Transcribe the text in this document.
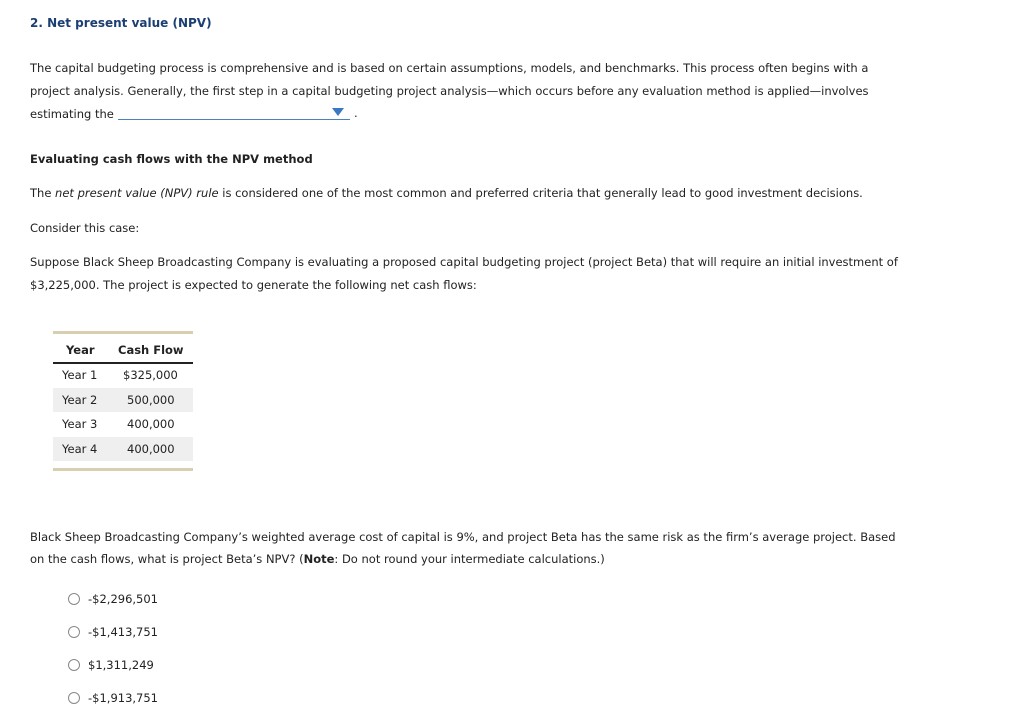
2. Net present value (NPV)
The capital budgeting process is comprehensive and is based on certain assumptions, models, and benchmarks. This process often begins with a
project analysis. Generally, the first step in a capital budgeting project analysis—which occurs before any evaluation method is applied—involves
estimating the	.
Evaluating cash flows with the NPV method
The net present value (NPV) rule is considered one of the most common and preferred criteria that generally lead to good investment decisions.
Consider this case:
Suppose Black Sheep Broadcasting Company is evaluating a proposed capital budgeting project (project Beta) that will require an initial investment of
$3,225,000. The project is expected to generate the following net cash flows:
Year Cash Flow
Year 1 $325,000
Year 2	500,000
Year 3	400,000
Year 4	400,000
Black Sheep Broadcasting Company’s weighted average cost of capital is 9%, and project Beta has the same risk as the firm’s average project. Based
on the cash flows, what is project Beta’s NPV? (Note: Do not round your intermediate calculations.)
-$2,296,501
-$1,413,751
$1,311,249
-$1,913,751
